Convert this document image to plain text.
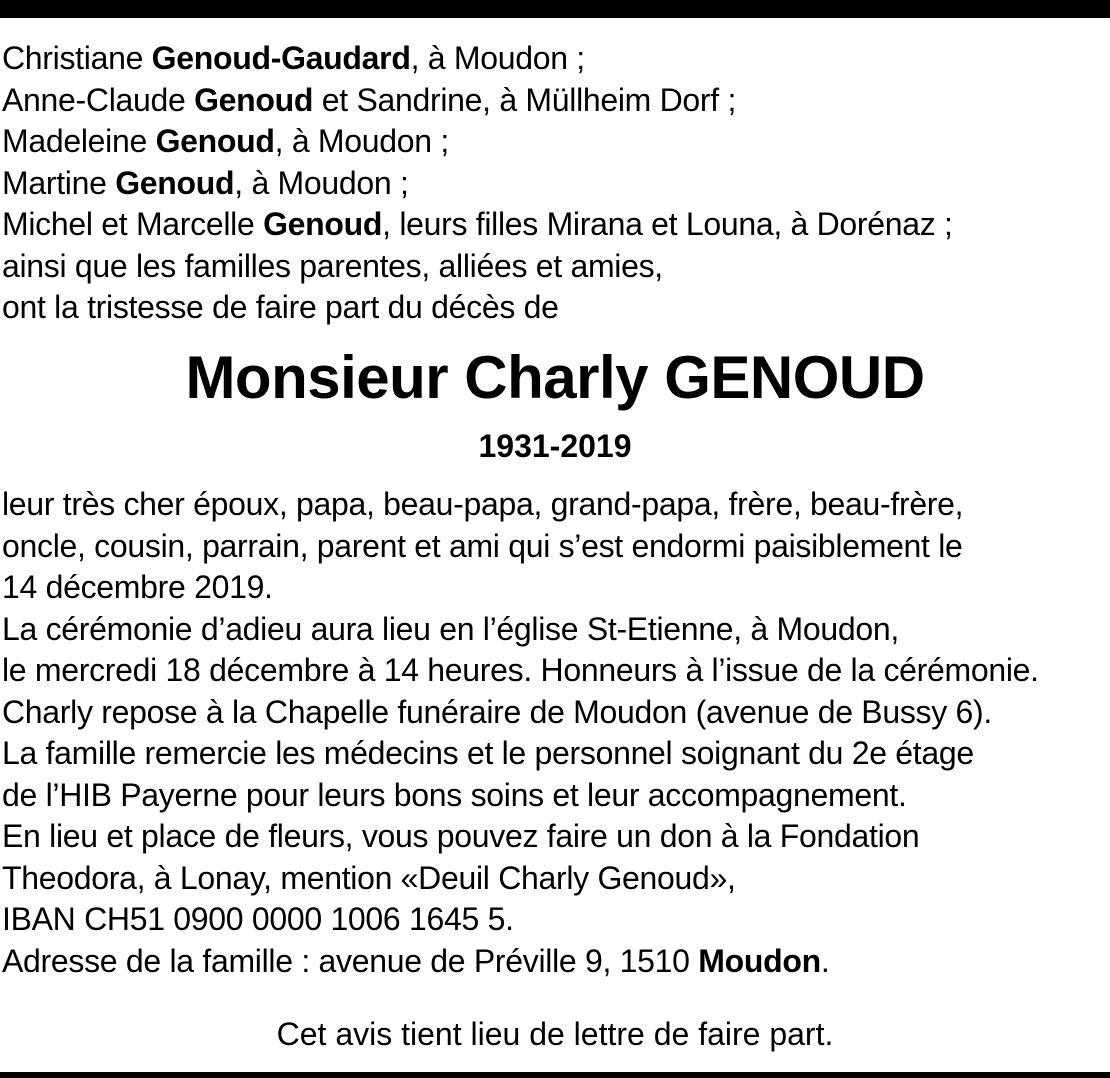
Christiane Genoud-Gaudard, à Moudon ;
Anne-Claude Genoud et Sandrine, à Müllheim Dorf ;
Madeleine Genoud, à Moudon ;
Martine Genoud, à Moudon ;
Michel et Marcelle Genoud, leurs filles Mirana et Louna, à Dorénaz ;
ainsi que les familles parentes, alliées et amies,
ont la tristesse de faire part du décès de
Monsieur Charly GENOUD
1931-2019
leur très cher époux, papa, beau-papa, grand-papa, frère, beau-frère,
oncle, cousin, parrain, parent et ami qui s’est endormi paisiblement le
14 décembre 2019.
La cérémonie d’adieu aura lieu en l’église St-Etienne, à Moudon,
le mercredi 18 décembre à 14 heures. Honneurs à l’issue de la cérémonie.
Charly repose à la Chapelle funéraire de Moudon (avenue de Bussy 6).
La famille remercie les médecins et le personnel soignant du 2e étage
de l’HIB Payerne pour leurs bons soins et leur accompagnement.
En lieu et place de fleurs, vous pouvez faire un don à la Fondation
Theodora, à Lonay, mention «Deuil Charly Genoud»,
IBAN CH51 0900 0000 1006 1645 5.
Adresse de la famille : avenue de Préville 9, 1510 Moudon.
Cet avis tient lieu de lettre de faire part.
